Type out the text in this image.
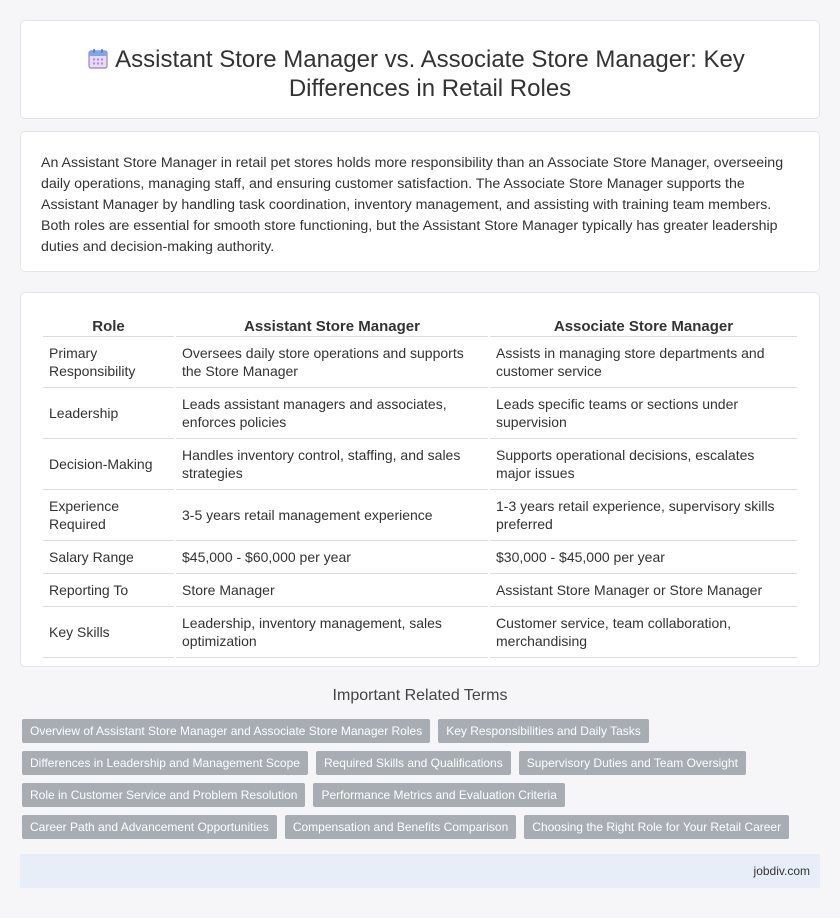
Assistant Store Manager vs. Associate Store Manager: Key
Differences in Retail Roles

An Assistant Store Manager in retail pet stores holds more responsibility than an Associate Store Manager, overseeing daily operations, managing staff, and ensuring customer satisfaction. The Associate Store Manager supports the Assistant Manager by handling task coordination, inventory management, and assisting with training team members. Both roles are essential for smooth store functioning, but the Assistant Store Manager typically has greater leadership duties and decision-making authority.

Role	Assistant Store Manager	Associate Store Manager
Primary Responsibility	Oversees daily store operations and supports the Store Manager	Assists in managing store departments and customer service
Leadership	Leads assistant managers and associates, enforces policies	Leads specific teams or sections under supervision
Decision-Making	Handles inventory control, staffing, and sales strategies	Supports operational decisions, escalates major issues
Experience Required	3-5 years retail management experience	1-3 years retail experience, supervisory skills preferred
Salary Range	$45,000 - $60,000 per year	$30,000 - $45,000 per year
Reporting To	Store Manager	Assistant Store Manager or Store Manager
Key Skills	Leadership, inventory management, sales optimization	Customer service, team collaboration, merchandising
Important Related Terms
Overview of Assistant Store Manager and Associate Store Manager Roles	Key Responsibilities and Daily Tasks
Differences in Leadership and Management Scope	Required Skills and Qualifications	Supervisory Duties and Team Oversight
Role in Customer Service and Problem Resolution	Performance Metrics and Evaluation Criteria
Career Path and Advancement Opportunities	Compensation and Benefits Comparison	Choosing the Right Role for Your Retail Career
jobdiv.com
